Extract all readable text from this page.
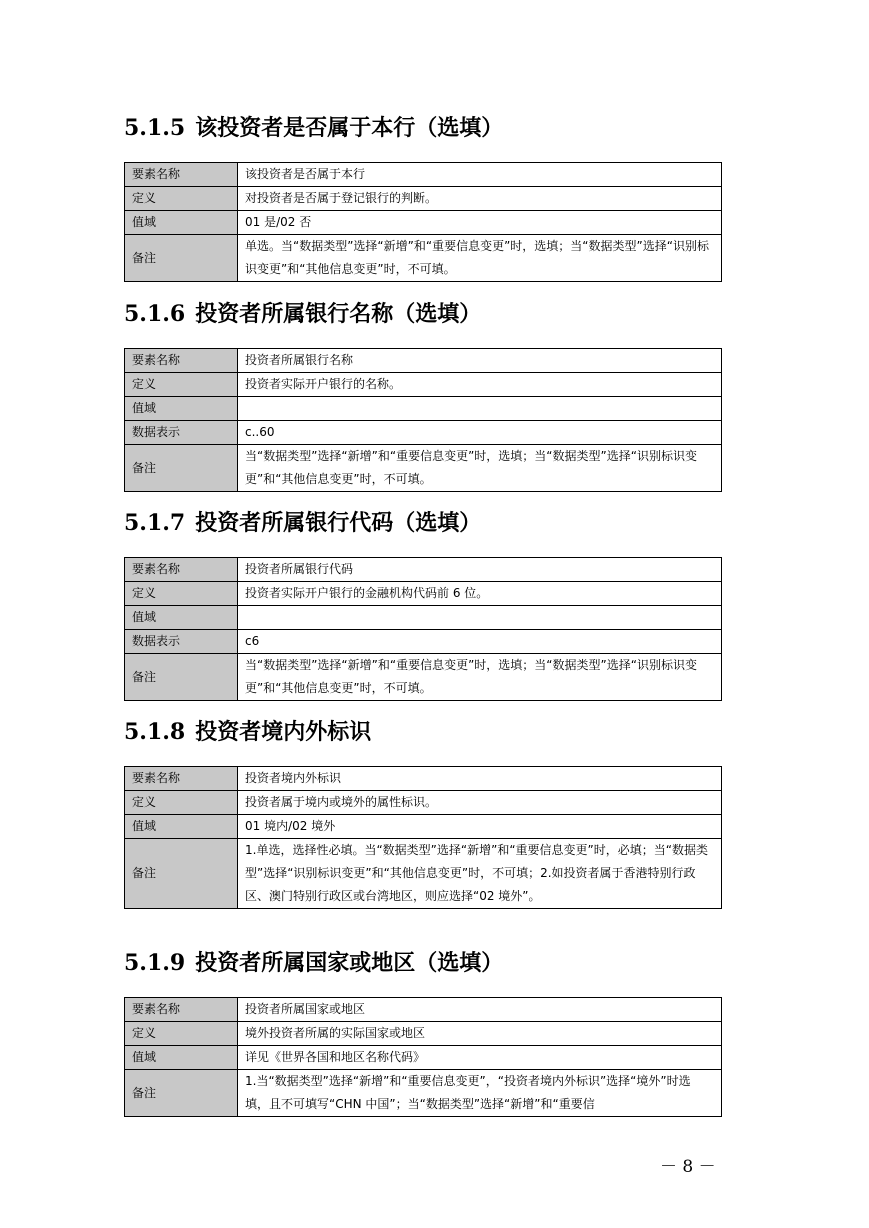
5.1.5 该投资者是否属于本行（选填）
要素名称	该投资者是否属于本行
定义	对投资者是否属于登记银行的判断。
值域	01 是/02 否
备注	单选。当“数据类型”选择“新增”和“重要信息变更”时，选填；当“数据类型”选择“识别标识变更”和“其他信息变更”时，不可填。
5.1.6 投资者所属银行名称（选填）
要素名称	投资者所属银行名称
定义	投资者实际开户银行的名称。
值域	
数据表示	c..60
备注	当“数据类型”选择“新增”和“重要信息变更”时，选填；当“数据类型”选择“识别标识变更”和“其他信息变更”时，不可填。
5.1.7 投资者所属银行代码（选填）
要素名称	投资者所属银行代码
定义	投资者实际开户银行的金融机构代码前 6 位。
值域	
数据表示	c6
备注	当“数据类型”选择“新增”和“重要信息变更”时，选填；当“数据类型”选择“识别标识变更”和“其他信息变更”时，不可填。
5.1.8 投资者境内外标识
要素名称	投资者境内外标识
定义	投资者属于境内或境外的属性标识。
值域	01 境内/02 境外
备注	1.单选，选择性必填。当“数据类型”选择“新增”和“重要信息变更”时，必填；当“数据类型”选择“识别标识变更”和“其他信息变更”时，不可填；2.如投资者属于香港特别行政区、澳门特别行政区或台湾地区，则应选择“02 境外”。
5.1.9 投资者所属国家或地区（选填）
要素名称	投资者所属国家或地区
定义	境外投资者所属的实际国家或地区
值域	详见《世界各国和地区名称代码》
备注	1.当“数据类型”选择“新增”和“重要信息变更”，“投资者境内外标识”选择“境外”时选填，且不可填写“CHN 中国”；当“数据类型”选择“新增”和“重要信
－ 8 －
